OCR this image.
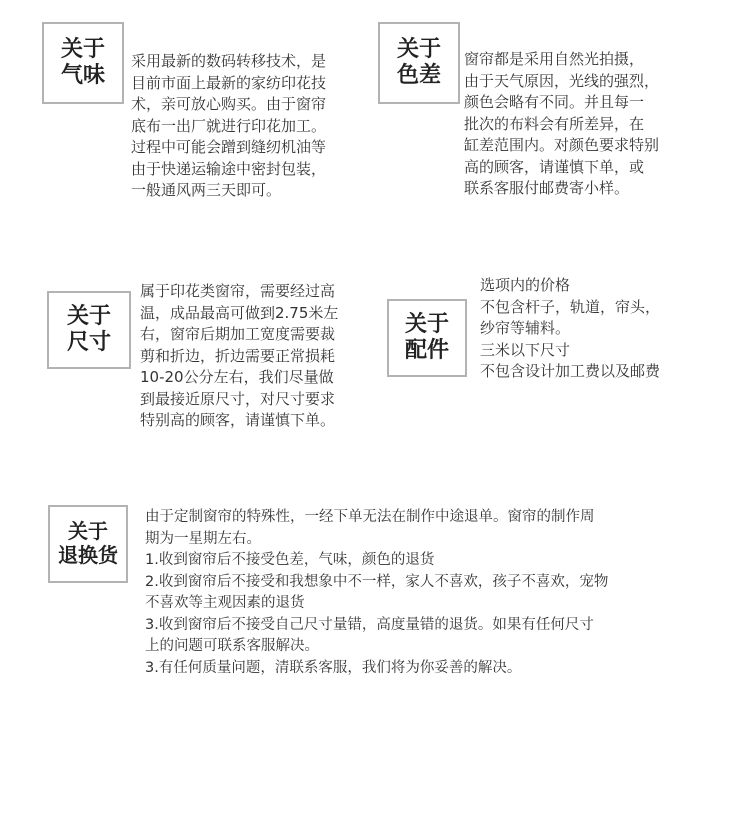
关于
气味
采用最新的数码转移技术，是
目前市面上最新的家纺印花技
术，亲可放心购买。由于窗帘
底布一出厂就进行印花加工。
过程中可能会蹭到缝纫机油等
由于快递运输途中密封包装，
一般通风两三天即可。
关于
色差
窗帘都是采用自然光拍摄，
由于天气原因，光线的强烈，
颜色会略有不同。并且每一
批次的布料会有所差异，在
缸差范围内。对颜色要求特别
高的顾客，请谨慎下单，或
联系客服付邮费寄小样。
关于
尺寸
属于印花类窗帘，需要经过高
温，成品最高可做到2.75米左
右，窗帘后期加工宽度需要裁
剪和折边，折边需要正常损耗
10-20公分左右，我们尽量做
到最接近原尺寸，对尺寸要求
特别高的顾客，请谨慎下单。
关于
配件
选项内的价格
不包含杆子，轨道，帘头，
纱帘等辅料。
三米以下尺寸
不包含设计加工费以及邮费
关于
退换货
由于定制窗帘的特殊性，一经下单无法在制作中途退单。窗帘的制作周
期为一星期左右。
1.收到窗帘后不接受色差，气味，颜色的退货
2.收到窗帘后不接受和我想象中不一样，家人不喜欢，孩子不喜欢，宠物
不喜欢等主观因素的退货
3.收到窗帘后不接受自己尺寸量错，高度量错的退货。如果有任何尺寸
上的问题可联系客服解决。
3.有任何质量问题，清联系客服，我们将为你妥善的解决。
